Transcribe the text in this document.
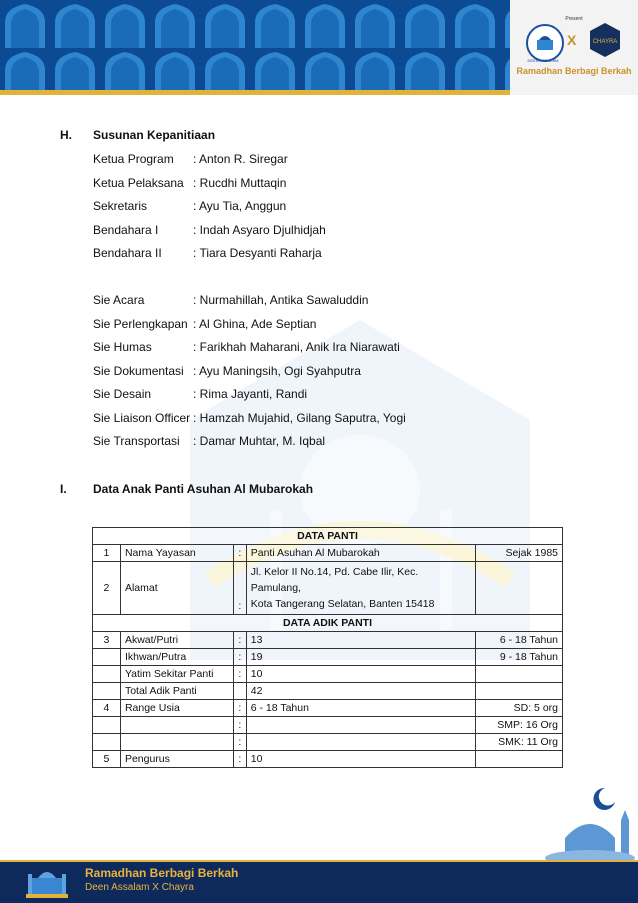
Present
DEEN ASSALAM
X	CHAYRA
Ramadhan Berbagi Berkah
H. Susunan Kepanitiaan
Ketua Program : Anton R. Siregar
Ketua Pelaksana : Rucdhi Muttaqin
Sekretaris	: Ayu Tia, Anggun
Bendahara I	: Indah Asyaro Djulhidjah
Bendahara II	: Tiara Desyanti Raharja
Sie Acara	: Nurmahillah, Antika Sawaluddin
Sie Perlengkapan : Al Ghina, Ade Septian
Sie Humas	: Farikhah Maharani, Anik Ira Niarawati
Sie Dokumentasi : Ayu Maningsih, Ogi Syahputra
Sie Desain	: Rima Jayanti, Randi
Sie Liaison Officer : Hamzah Mujahid, Gilang Saputra, Yogi
Sie Transportasi : Damar Muhtar, M. Iqbal
I. Data Anak Panti Asuhan Al Mubarokah
DATA PANTI				
1	Nama Yayasan	:	Panti Asuhan Al Mubarokah	Sejak 1985
2	Alamat	:	Jl. Kelor II No.14, Pd. Cabe Ilir, Kec. Pamulang,
Kota Tangerang Selatan, Banten 15418	

DATA ADIK PANTI				
3	Akwat/Putri	:	13	6 - 18 Tahun
	Ikhwan/Putra	:	19	9 - 18 Tahun
	Yatim Sekitar Panti	:	10	
	Total Adik Panti		42	
4	Range Usia	:	6 - 18 Tahun	SD: 5 org
		:		SMP: 16 Org
		:		SMK: 11 Org
5	Pengurus	:	10	
Ramadhan Berbagi Berkah
Deen Assalam X Chayra
